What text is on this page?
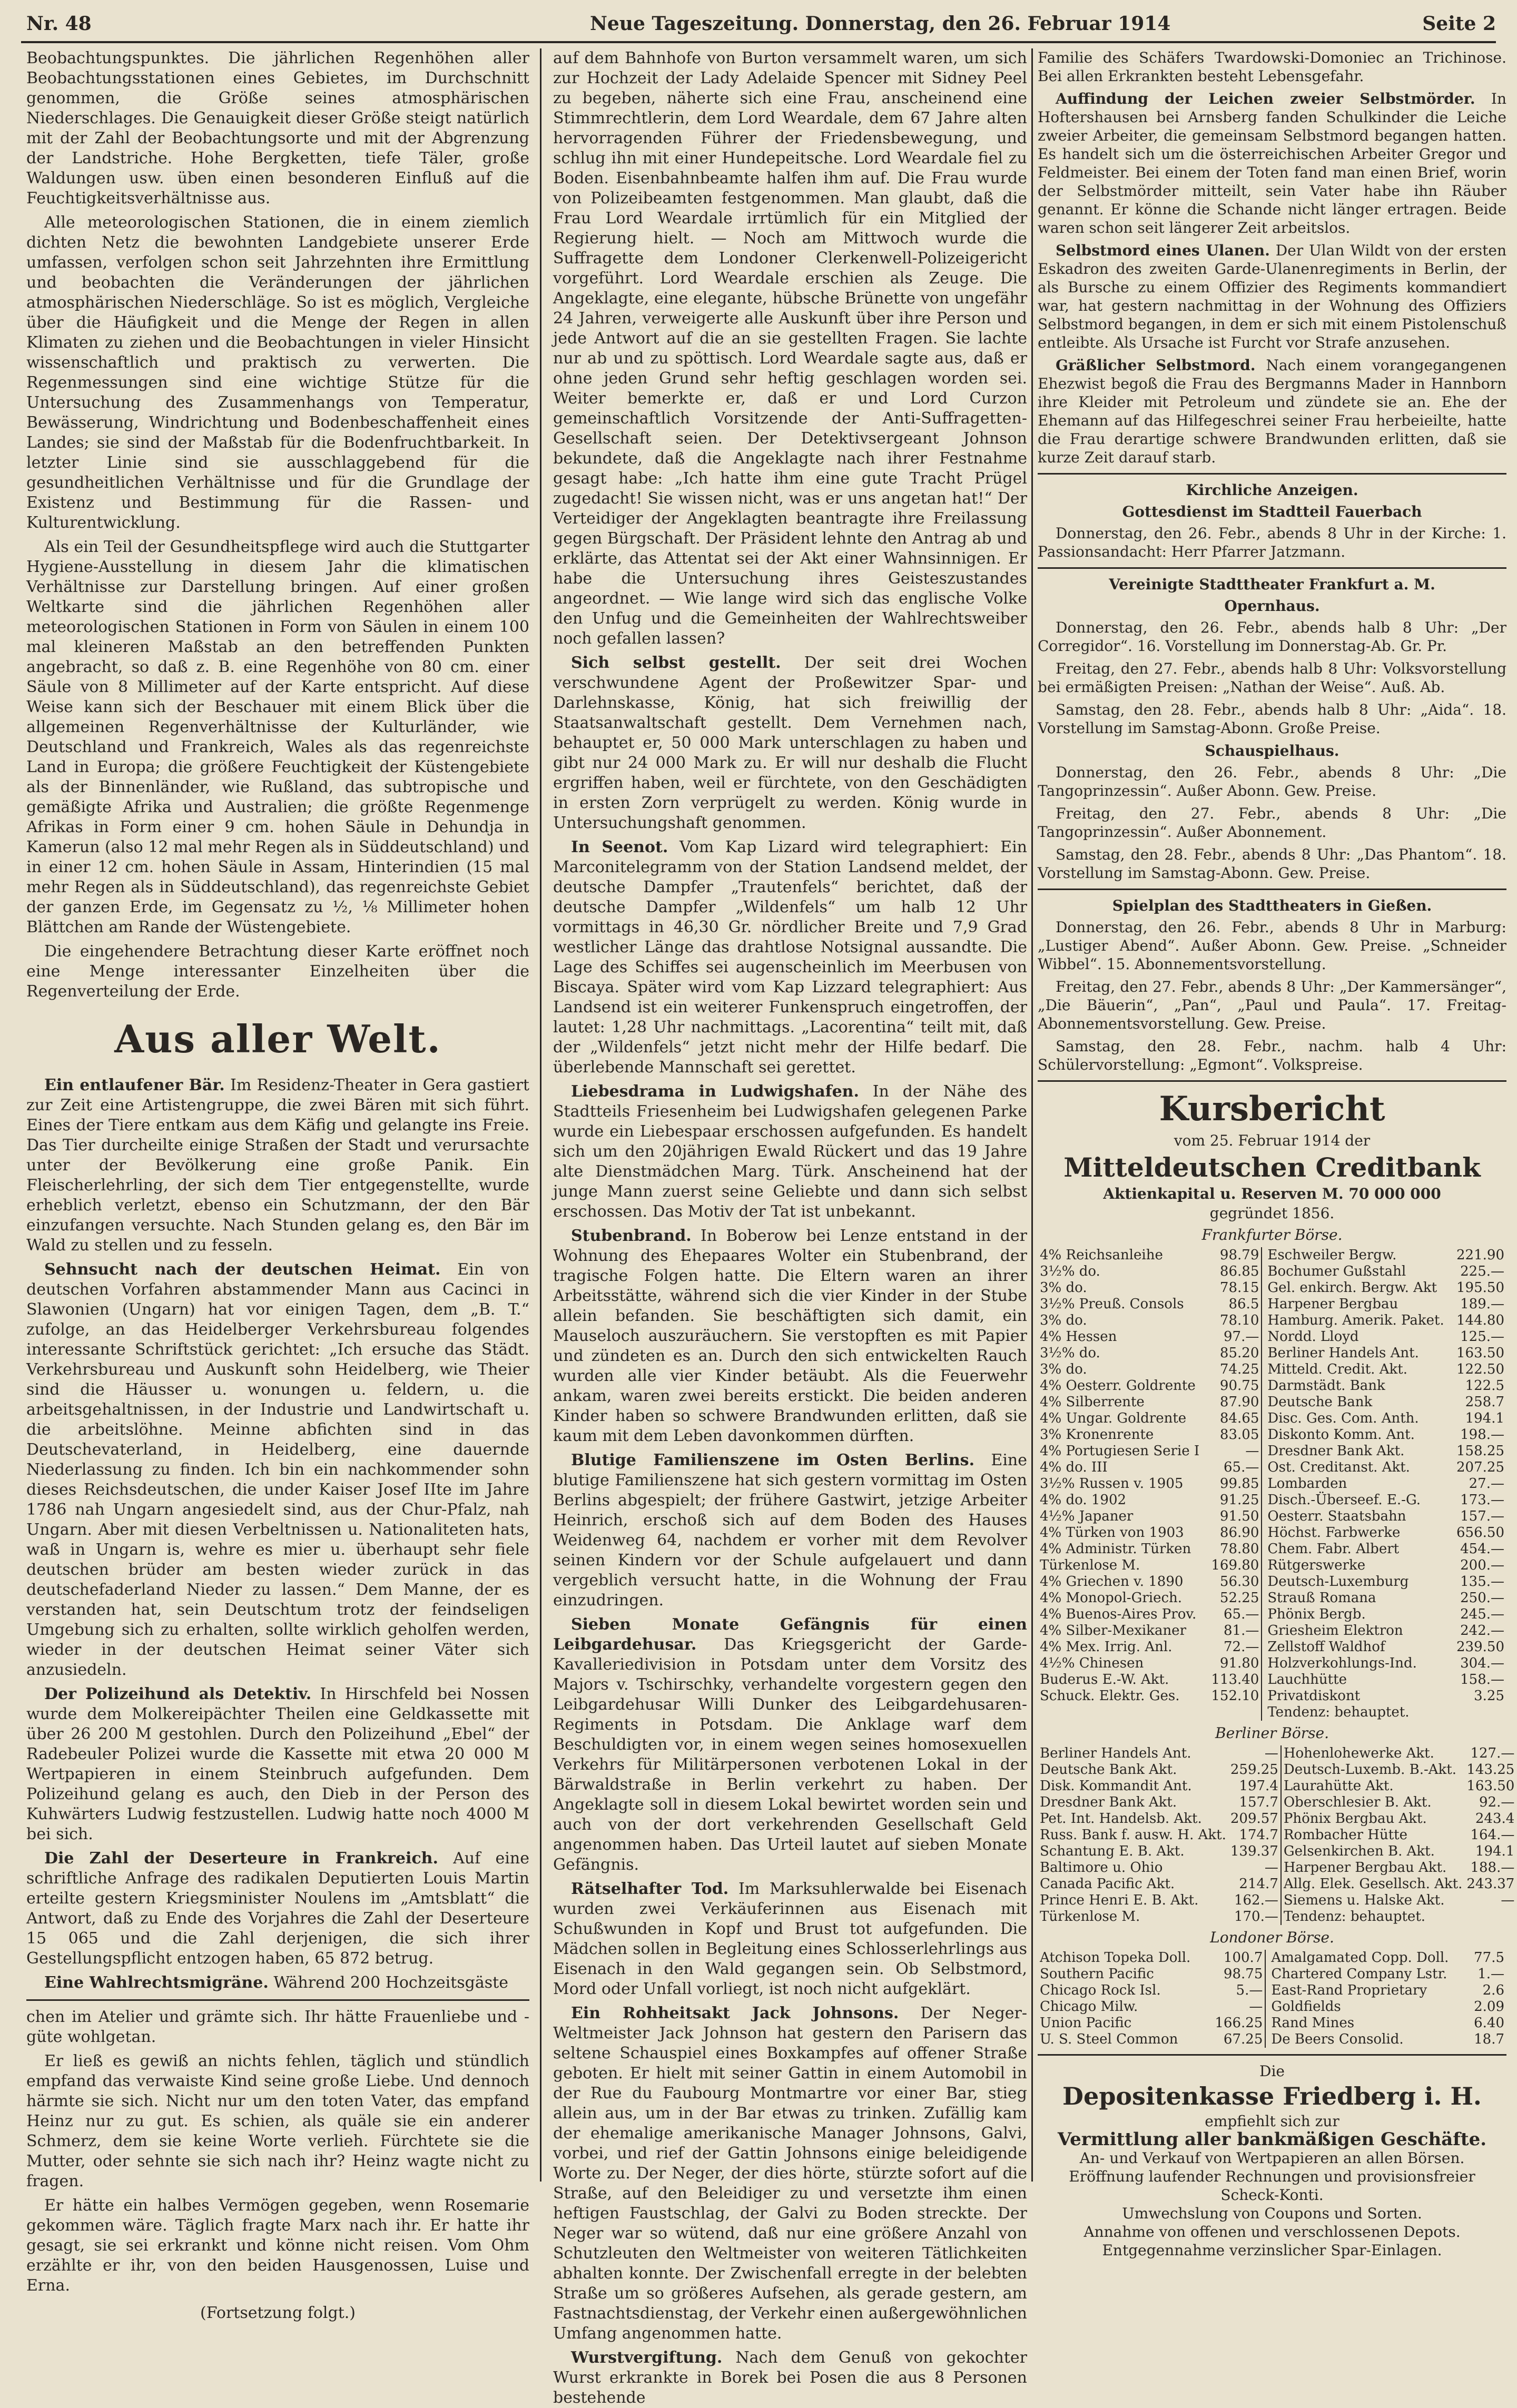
Nr. 48	Neue Tageszeitung. Donnerstag, den 26. Februar 1914	Seite 2

Beobachtungspunktes. Die jährlichen Regenhöhen aller Beobachtungsstationen eines Gebietes, im Durchschnitt genommen, die Größe seines atmosphärischen Niederschlages. Die Genauigkeit dieser Größe steigt natürlich mit der Zahl der Beobachtungsorte und mit der Abgrenzung der Landstriche. Hohe Bergketten, tiefe Täler, große Waldungen usw. üben einen besonderen Einfluß auf die Feuchtigkeitsverhältnisse aus.

Alle meteorologischen Stationen, die in einem ziemlich dichten Netz die bewohnten Landgebiete unserer Erde umfassen, verfolgen schon seit Jahrzehnten ihre Ermittlung und beobachten die Veränderungen der jährlichen atmosphärischen Niederschläge. So ist es möglich, Vergleiche über die Häufigkeit und die Menge der Regen in allen Klimaten zu ziehen und die Beobachtungen in vieler Hinsicht wissenschaftlich und praktisch zu verwerten. Die Regenmessungen sind eine wichtige Stütze für die Untersuchung des Zusammenhangs von Temperatur, Bewässerung, Windrichtung und Bodenbeschaffenheit eines Landes; sie sind der Maßstab für die Bodenfruchtbarkeit. In letzter Linie sind sie ausschlaggebend für die gesundheitlichen Verhältnisse und für die Grundlage der Existenz und Bestimmung für die Rassen- und Kulturentwicklung.

Als ein Teil der Gesundheitspflege wird auch die Stuttgarter Hygiene-Ausstellung in diesem Jahr die klimatischen Verhältnisse zur Darstellung bringen. Auf einer großen Weltkarte sind die jährlichen Regenhöhen aller meteorologischen Stationen in Form von Säulen in einem 100 mal kleineren Maßstab an den betreffenden Punkten angebracht, so daß z. B. eine Regenhöhe von 80 cm. einer Säule von 8 Millimeter auf der Karte entspricht. Auf diese Weise kann sich der Beschauer mit einem Blick über die allgemeinen Regenverhältnisse der Kulturländer, wie Deutschland und Frankreich, Wales als das regenreichste Land in Europa; die größere Feuchtigkeit der Küstengebiete als der Binnenländer, wie Rußland, das subtropische und gemäßigte Afrika und Australien; die größte Regenmenge Afrikas in Form einer 9 cm. hohen Säule in Dehundja in Kamerun (also 12 mal mehr Regen als in Süddeutschland) und in einer 12 cm. hohen Säule in Assam, Hinterindien (15 mal mehr Regen als in Süddeutschland), das regenreichste Gebiet der ganzen Erde, im Gegensatz zu ½, ⅛ Millimeter hohen Blättchen am Rande der Wüstengebiete.

Die eingehendere Betrachtung dieser Karte eröffnet noch eine Menge interessanter Einzelheiten über die Regenverteilung der Erde.

Aus aller Welt.

Ein entlaufener Bär. Im Residenz-Theater in Gera gastiert zur Zeit eine Artistengruppe, die zwei Bären mit sich führt. Eines der Tiere entkam aus dem Käfig und gelangte ins Freie. Das Tier durcheilte einige Straßen der Stadt und verursachte unter der Bevölkerung eine große Panik. Ein Fleischerlehrling, der sich dem Tier entgegenstellte, wurde erheblich verletzt, ebenso ein Schutzmann, der den Bär einzufangen versuchte. Nach Stunden gelang es, den Bär im Wald zu stellen und zu fesseln.

Sehnsucht nach der deutschen Heimat. Ein von deutschen Vorfahren abstammender Mann aus Cacinci in Slawonien (Ungarn) hat vor einigen Tagen, dem „B. T.“ zufolge, an das Heidelberger Verkehrsbureau folgendes interessante Schriftstück gerichtet: „Ich ersuche das Städt. Verkehrsbureau und Auskunft sohn Heidelberg, wie Theier sind die Häusser u. wonungen u. feldern, u. die arbeitsgehaltnissen, in der Industrie und Landwirtschaft u. die arbeitslöhne. Meinne abfichten sind in das Deutschevaterland, in Heidelberg, eine dauernde Niederlassung zu finden. Ich bin ein nachkommender sohn dieses Reichsdeutschen, die under Kaiser Josef IIte im Jahre 1786 nah Ungarn angesiedelt sind, aus der Chur-Pfalz, nah Ungarn. Aber mit diesen Verbeltnissen u. Nationaliteten hats, waß in Ungarn is, wehre es mier u. überhaupt sehr fiele deutschen brüder am besten wieder zurück in das deutschefaderland Nieder zu lassen.“ Dem Manne, der es verstanden hat, sein Deutschtum trotz der feindseligen Umgebung sich zu erhalten, sollte wirklich geholfen werden, wieder in der deutschen Heimat seiner Väter sich anzusiedeln.

Der Polizeihund als Detektiv. In Hirschfeld bei Nossen wurde dem Molkereipächter Theilen eine Geldkassette mit über 26 200 M gestohlen. Durch den Polizeihund „Ebel“ der Radebeuler Polizei wurde die Kassette mit etwa 20 000 M Wertpapieren in einem Steinbruch aufgefunden. Dem Polizeihund gelang es auch, den Dieb in der Person des Kuhwärters Ludwig festzustellen. Ludwig hatte noch 4000 M bei sich.

Die Zahl der Deserteure in Frankreich. Auf eine schriftliche Anfrage des radikalen Deputierten Louis Martin erteilte gestern Kriegsminister Noulens im „Amtsblatt“ die Antwort, daß zu Ende des Vorjahres die Zahl der Deserteure 15 065 und die Zahl derjenigen, die sich ihrer Gestellungspflicht entzogen haben, 65 872 betrug.

Eine Wahlrechtsmigräne. Während 200 Hochzeitsgäste

chen im Atelier und grämte sich. Ihr hätte Frauenliebe und -güte wohlgetan.

Er ließ es gewiß an nichts fehlen, täglich und stündlich empfand das verwaiste Kind seine große Liebe. Und dennoch härmte sie sich. Nicht nur um den toten Vater, das empfand Heinz nur zu gut. Es schien, als quäle sie ein anderer Schmerz, dem sie keine Worte verlieh. Fürchtete sie die Mutter, oder sehnte sie sich nach ihr? Heinz wagte nicht zu fragen.

Er hätte ein halbes Vermögen gegeben, wenn Rosemarie gekommen wäre. Täglich fragte Marx nach ihr. Er hatte ihr gesagt, sie sei erkrankt und könne nicht reisen. Vom Ohm erzählte er ihr, von den beiden Hausgenossen, Luise und Erna.

(Fortsetzung folgt.)

auf dem Bahnhofe von Burton versammelt waren, um sich zur Hochzeit der Lady Adelaide Spencer mit Sidney Peel zu begeben, näherte sich eine Frau, anscheinend eine Stimmrechtlerin, dem Lord Weardale, dem 67 Jahre alten hervorragenden Führer der Friedensbewegung, und schlug ihn mit einer Hundepeitsche. Lord Weardale fiel zu Boden. Eisenbahnbeamte halfen ihm auf. Die Frau wurde von Polizeibeamten festgenommen. Man glaubt, daß die Frau Lord Weardale irrtümlich für ein Mitglied der Regierung hielt. — Noch am Mittwoch wurde die Suffragette dem Londoner Clerkenwell-Polizeigericht vorgeführt. Lord Weardale erschien als Zeuge. Die Angeklagte, eine elegante, hübsche Brünette von ungefähr 24 Jahren, verweigerte alle Auskunft über ihre Person und jede Antwort auf die an sie gestellten Fragen. Sie lachte nur ab und zu spöttisch. Lord Weardale sagte aus, daß er ohne jeden Grund sehr heftig geschlagen worden sei. Weiter bemerkte er, daß er und Lord Curzon gemeinschaftlich Vorsitzende der Anti-Suffragetten-Gesellschaft seien. Der Detektivsergeant Johnson bekundete, daß die Angeklagte nach ihrer Festnahme gesagt habe: „Ich hatte ihm eine gute Tracht Prügel zugedacht! Sie wissen nicht, was er uns angetan hat!“ Der Verteidiger der Angeklagten beantragte ihre Freilassung gegen Bürgschaft. Der Präsident lehnte den Antrag ab und erklärte, das Attentat sei der Akt einer Wahnsinnigen. Er habe die Untersuchung ihres Geisteszustandes angeordnet. — Wie lange wird sich das englische Volke den Unfug und die Gemeinheiten der Wahlrechtsweiber noch gefallen lassen?

Sich selbst gestellt. Der seit drei Wochen verschwundene Agent der Proßewitzer Spar- und Darlehnskasse, König, hat sich freiwillig der Staatsanwaltschaft gestellt. Dem Vernehmen nach, behauptet er, 50 000 Mark unterschlagen zu haben und gibt nur 24 000 Mark zu. Er will nur deshalb die Flucht ergriffen haben, weil er fürchtete, von den Geschädigten in ersten Zorn verprügelt zu werden. König wurde in Untersuchungshaft genommen.

In Seenot. Vom Kap Lizard wird telegraphiert: Ein Marconitelegramm von der Station Landsend meldet, der deutsche Dampfer „Trautenfels“ berichtet, daß der deutsche Dampfer „Wildenfels“ um halb 12 Uhr vormittags in 46,30 Gr. nördlicher Breite und 7,9 Grad westlicher Länge das drahtlose Notsignal aussandte. Die Lage des Schiffes sei augenscheinlich im Meerbusen von Biscaya. Später wird vom Kap Lizzard telegraphiert: Aus Landsend ist ein weiterer Funkenspruch eingetroffen, der lautet: 1,28 Uhr nachmittags. „Lacorentina“ teilt mit, daß der „Wildenfels“ jetzt nicht mehr der Hilfe bedarf. Die überlebende Mannschaft sei gerettet.

Liebesdrama in Ludwigshafen. In der Nähe des Stadtteils Friesenheim bei Ludwigshafen gelegenen Parke wurde ein Liebespaar erschossen aufgefunden. Es handelt sich um den 20jährigen Ewald Rückert und das 19 Jahre alte Dienstmädchen Marg. Türk. Anscheinend hat der junge Mann zuerst seine Geliebte und dann sich selbst erschossen. Das Motiv der Tat ist unbekannt.

Stubenbrand. In Boberow bei Lenze entstand in der Wohnung des Ehepaares Wolter ein Stubenbrand, der tragische Folgen hatte. Die Eltern waren an ihrer Arbeitsstätte, während sich die vier Kinder in der Stube allein befanden. Sie beschäftigten sich damit, ein Mauseloch auszuräuchern. Sie verstopften es mit Papier und zündeten es an. Durch den sich entwickelten Rauch wurden alle vier Kinder betäubt. Als die Feuerwehr ankam, waren zwei bereits erstickt. Die beiden anderen Kinder haben so schwere Brandwunden erlitten, daß sie kaum mit dem Leben davonkommen dürften.

Blutige Familienszene im Osten Berlins. Eine blutige Familienszene hat sich gestern vormittag im Osten Berlins abgespielt; der frühere Gastwirt, jetzige Arbeiter Heinrich, erschoß sich auf dem Boden des Hauses Weidenweg 64, nachdem er vorher mit dem Revolver seinen Kindern vor der Schule aufgelauert und dann vergeblich versucht hatte, in die Wohnung der Frau einzudringen.

Sieben Monate Gefängnis für einen Leibgardehusar. Das Kriegsgericht der Garde-Kavalleriedivision in Potsdam unter dem Vorsitz des Majors v. Tschirschky, verhandelte vorgestern gegen den Leibgardehusar Willi Dunker des Leibgardehusaren-Regiments in Potsdam. Die Anklage warf dem Beschuldigten vor, in einem wegen seines homosexuellen Verkehrs für Militärpersonen verbotenen Lokal in der Bärwaldstraße in Berlin verkehrt zu haben. Der Angeklagte soll in diesem Lokal bewirtet worden sein und auch von der dort verkehrenden Gesellschaft Geld angenommen haben. Das Urteil lautet auf sieben Monate Gefängnis.

Rätselhafter Tod. Im Marksuhlerwalde bei Eisenach wurden zwei Verkäuferinnen aus Eisenach mit Schußwunden in Kopf und Brust tot aufgefunden. Die Mädchen sollen in Begleitung eines Schlosserlehrlings aus Eisenach in den Wald gegangen sein. Ob Selbstmord, Mord oder Unfall vorliegt, ist noch nicht aufgeklärt.

Ein Rohheitsakt Jack Johnsons. Der Neger-Weltmeister Jack Johnson hat gestern den Parisern das seltene Schauspiel eines Boxkampfes auf offener Straße geboten. Er hielt mit seiner Gattin in einem Automobil in der Rue du Faubourg Montmartre vor einer Bar, stieg allein aus, um in der Bar etwas zu trinken. Zufällig kam der ehemalige amerikanische Manager Johnsons, Galvi, vorbei, und rief der Gattin Johnsons einige beleidigende Worte zu. Der Neger, der dies hörte, stürzte sofort auf die Straße, auf den Beleidiger zu und versetzte ihm einen heftigen Faustschlag, der Galvi zu Boden streckte. Der Neger war so wütend, daß nur eine größere Anzahl von Schutzleuten den Weltmeister von weiteren Tätlichkeiten abhalten konnte. Der Zwischenfall erregte in der belebten Straße um so größeres Aufsehen, als gerade gestern, am Fastnachtsdienstag, der Verkehr einen außergewöhnlichen Umfang angenommen hatte.

Wurstvergiftung. Nach dem Genuß von gekochter Wurst erkrankte in Borek bei Posen die aus 8 Personen bestehende

Familie des Schäfers Twardowski-Domoniec an Trichinose. Bei allen Erkrankten besteht Lebensgefahr.

Auffindung der Leichen zweier Selbstmörder. In Hoftershausen bei Arnsberg fanden Schulkinder die Leiche zweier Arbeiter, die gemeinsam Selbstmord begangen hatten. Es handelt sich um die österreichischen Arbeiter Gregor und Feldmeister. Bei einem der Toten fand man einen Brief, worin der Selbstmörder mitteilt, sein Vater habe ihn Räuber genannt. Er könne die Schande nicht länger ertragen. Beide waren schon seit längerer Zeit arbeitslos.

Selbstmord eines Ulanen. Der Ulan Wildt von der ersten Eskadron des zweiten Garde-Ulanenregiments in Berlin, der als Bursche zu einem Offizier des Regiments kommandiert war, hat gestern nachmittag in der Wohnung des Offiziers Selbstmord begangen, in dem er sich mit einem Pistolenschuß entleibte. Als Ursache ist Furcht vor Strafe anzusehen.

Gräßlicher Selbstmord. Nach einem vorangegangenen Ehezwist begoß die Frau des Bergmanns Mader in Hannborn ihre Kleider mit Petroleum und zündete sie an. Ehe der Ehemann auf das Hilfegeschrei seiner Frau herbeieilte, hatte die Frau derartige schwere Brandwunden erlitten, daß sie kurze Zeit darauf starb.

Kirchliche Anzeigen.
Gottesdienst im Stadtteil Fauerbach

Donnerstag, den 26. Febr., abends 8 Uhr in der Kirche: 1. Passionsandacht: Herr Pfarrer Jatzmann.

Vereinigte Stadttheater Frankfurt a. M.
Opernhaus.

Donnerstag, den 26. Febr., abends halb 8 Uhr: „Der Corregidor“. 16. Vorstellung im Donnerstag-Ab. Gr. Pr.

Freitag, den 27. Febr., abends halb 8 Uhr: Volksvorstellung bei ermäßigten Preisen: „Nathan der Weise“. Auß. Ab.

Samstag, den 28. Febr., abends halb 8 Uhr: „Aida“. 18. Vorstellung im Samstag-Abonn. Große Preise.

Schauspielhaus.

Donnerstag, den 26. Febr., abends 8 Uhr: „Die Tangoprinzessin“. Außer Abonn. Gew. Preise.

Freitag, den 27. Febr., abends 8 Uhr: „Die Tangoprinzessin“. Außer Abonnement.

Samstag, den 28. Febr., abends 8 Uhr: „Das Phantom“. 18. Vorstellung im Samstag-Abonn. Gew. Preise.

Spielplan des Stadttheaters in Gießen.

Donnerstag, den 26. Febr., abends 8 Uhr in Marburg: „Lustiger Abend“. Außer Abonn. Gew. Preise. „Schneider Wibbel“. 15. Abonnementsvorstellung.

Freitag, den 27. Febr., abends 8 Uhr: „Der Kammersänger“, „Die Bäuerin“, „Pan“, „Paul und Paula“. 17. Freitag-Abonnementsvorstellung. Gew. Preise.

Samstag, den 28. Febr., nachm. halb 4 Uhr: Schülervorstellung: „Egmont“. Volkspreise.

Kursbericht
vom 25. Februar 1914 der
Mitteldeutschen Creditbank
Aktienkapital u. Reserven M. 70 000 000
gegründet 1856.
Frankfurter Börse.
4% Reichsanleihe	98.79		Eschweiler Bergw.	221.90
3½% do.	86.85		Bochumer Gußstahl	225.—
3% do.	78.15		Gel. enkirch. Bergw. Akt	195.50
3½% Preuß. Consols	86.5		Harpener Bergbau	189.—
3% do.	78.10		Hamburg. Amerik. Paket.	144.80
4% Hessen	97.—		Nordd. Lloyd	125.—
3½% do.	85.20		Berliner Handels Ant.	163.50
3% do.	74.25		Mitteld. Credit. Akt.	122.50
4% Oesterr. Goldrente	90.75		Darmstädt. Bank	122.5
4% Silberrente	87.90		Deutsche Bank	258.7
4% Ungar. Goldrente	84.65		Disc. Ges. Com. Anth.	194.1
3% Kronenrente	83.05		Diskonto Komm. Ant.	198.—
4% Portugiesen Serie I	—		Dresdner Bank Akt.	158.25
4% do. III	65.—		Ost. Creditanst. Akt.	207.25
3½% Russen v. 1905	99.85		Lombarden	27.—
4% do. 1902	91.25		Disch.-Überseef. E.-G.	173.—
4½% Japaner	91.50		Oesterr. Staatsbahn	157.—
4% Türken von 1903	86.90		Höchst. Farbwerke	656.50
4% Administr. Türken	78.80		Chem. Fabr. Albert	454.—
Türkenlose M.	169.80		Rütgerswerke	200.—
4% Griechen v. 1890	56.30		Deutsch-Luxemburg	135.—
4% Monopol-Griech.	52.25		Strauß Romana	250.—
4% Buenos-Aires Prov.	65.—		Phönix Bergb.	245.—
4% Silber-Mexikaner	81.—		Griesheim Elektron	242.—
4% Mex. Irrig. Anl.	72.—		Zellstoff Waldhof	239.50
4½% Chinesen	91.80		Holzverkohlungs-Ind.	304.—
Buderus E.-W. Akt.	113.40		Lauchhütte	158.—
Schuck. Elektr. Ges.	152.10		Privatdiskont	3.25
			Tendenz: behauptet.	
Berliner Börse.
Berliner Handels Ant.	—		Hohenlohewerke Akt.	127.—
Deutsche Bank Akt.	259.25		Deutsch-Luxemb. B.-Akt.	143.25
Disk. Kommandit Ant.	197.4		Laurahütte Akt.	163.50
Dresdner Bank Akt.	157.7		Oberschlesier B. Akt.	92.—
Pet. Int. Handelsb. Akt.	209.57		Phönix Bergbau Akt.	243.4
Russ. Bank f. ausw. H. Akt.	174.7		Rombacher Hütte	164.—
Schantung E. B. Akt.	139.37		Gelsenkirchen B. Akt.	194.1
Baltimore u. Ohio	—		Harpener Bergbau Akt.	188.—
Canada Pacific Akt.	214.7		Allg. Elek. Gesellsch. Akt.	243.37
Prince Henri E. B. Akt.	162.—		Siemens u. Halske Akt.	—
Türkenlose M.	170.—		Tendenz: behauptet.	
Londoner Börse.
Atchison Topeka Doll.	100.7		Amalgamated Copp. Doll.	77.5
Southern Pacific	98.75		Chartered Company Lstr.	1.—
Chicago Rock Isl.	5.—		East-Rand Proprietary	2.6
Chicago Milw.	—		Goldfields	2.09
Union Pacific	166.25		Rand Mines	6.40
U. S. Steel Common	67.25		De Beers Consolid.	18.7
Die
Depositenkasse Friedberg i. H.
empfiehlt sich zur
Vermittlung aller bankmäßigen Geschäfte.
An- und Verkauf von Wertpapieren an allen Börsen.
Eröffnung laufender Rechnungen und provisionsfreier Scheck-Konti.
Umwechslung von Coupons und Sorten.
Annahme von offenen und verschlossenen Depots.
Entgegennahme verzinslicher Spar-Einlagen.
